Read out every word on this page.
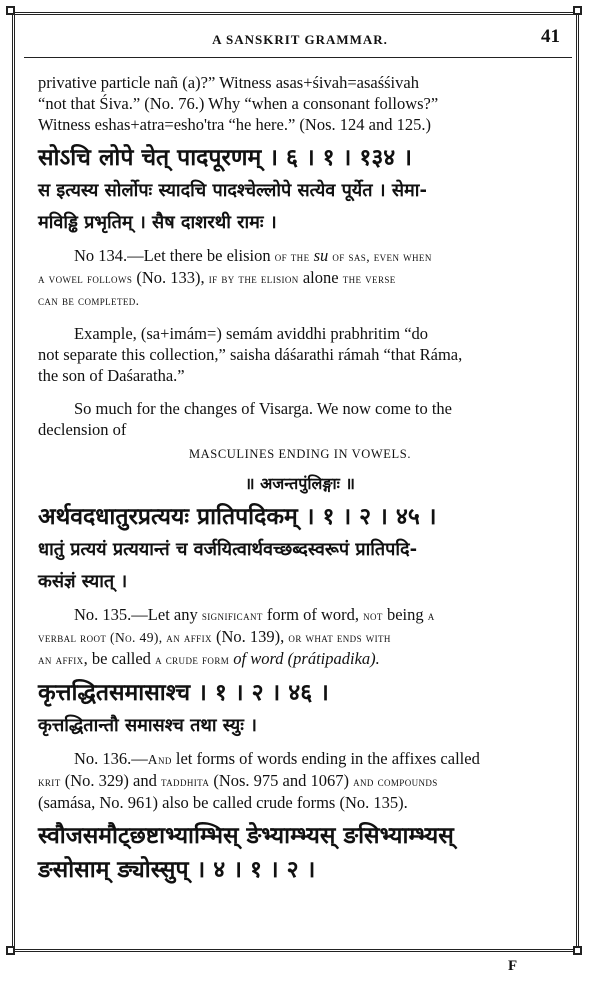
A SANSKRIT GRAMMAR.	41

privative particle nañ (a)?” Witness asas+śivah=asaśśivah

“not that Śiva.” (No. 76.) Why “when a consonant follows?”

Witness eshas+atra=esho'tra “he here.” (Nos. 124 and 125.)

सोऽचि लोपे चेत् पादपूरणम् । ६ । १ । १३४ ।

स इत्यस्य सोर्लोपः स्यादचि पादश्चेल्लोपे सत्येव पूर्येत । सेमा-

मविड्ढि प्रभृतिम् । सैष दाशरथी रामः ।

No 134.—Let there be elision of the su of sas, even when
a vowel follows (No. 133), if by the elision alone the verse
can be completed.

Example, (sa+imám=) semám aviddhi prabhritim “do

not separate this collection,” saisha dáśarathi rámah “that Ráma,

the son of Daśaratha.”

So much for the changes of Visarga. We now come to the

declension of

MASCULINES ENDING IN VOWELS.

॥ अजन्तपुंलिङ्गाः ॥

अर्थवदधातुरप्रत्ययः प्रातिपदिकम् । १ । २ । ४५ ।

धातुं प्रत्ययं प्रत्ययान्तं च वर्जयित्वार्थवच्छब्दस्वरूपं प्रातिपदि-

कसंज्ञं स्यात् ।

No. 135.—Let any significant form of word, not being a
verbal root (No. 49), an affix (No. 139), or what ends with
an affix, be called a crude form of word (prátipadika).

कृत्तद्धितसमासाश्च । १ । २ । ४६ ।

कृत्तद्धितान्तौ समासश्च तथा स्युः ।

No. 136.—And let forms of words ending in the affixes called
krit (No. 329) and taddhita (Nos. 975 and 1067) and compounds
(samása, No. 961) also be called crude forms (No. 135).

स्वौजसमौट्छष्टाभ्याम्भिस् ङेभ्याम्भ्यस् ङसिभ्याम्भ्यस्

ङसोसाम् ङ्योस्सुप् । ४ । १ । २ ।

F
